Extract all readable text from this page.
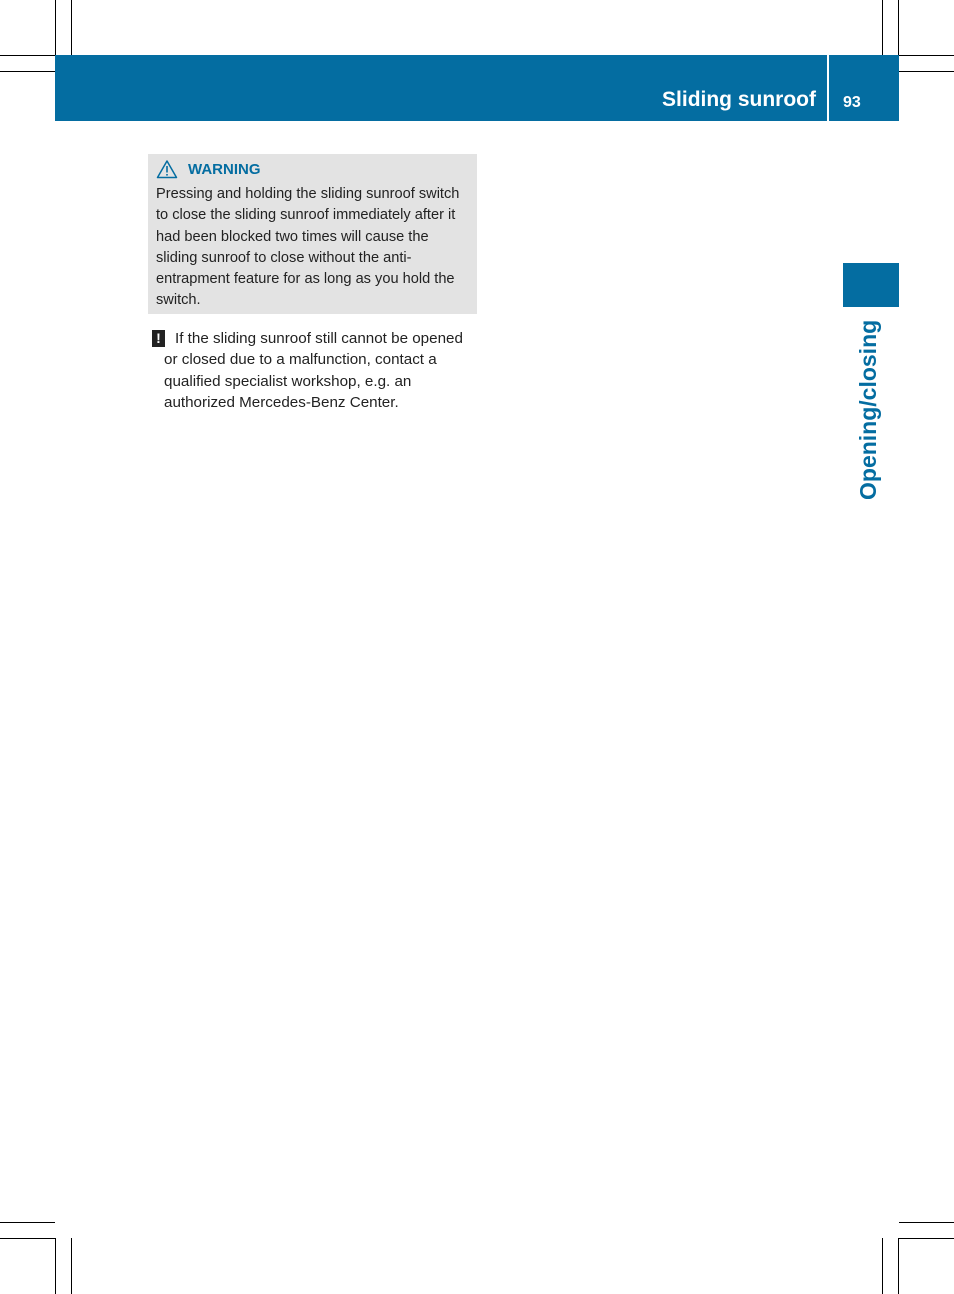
Sliding sunroof 93
Opening/closing
WARNING
Pressing and holding the sliding sunroof switch to close the sliding sunroof immediately after it had been blocked two times will cause the sliding sunroof to close without the anti-entrapment feature for as long as you hold the switch.
! If the sliding sunroof still cannot be opened or closed due to a malfunction, contact a qualified specialist workshop, e.g. an authorized Mercedes-Benz Center.
